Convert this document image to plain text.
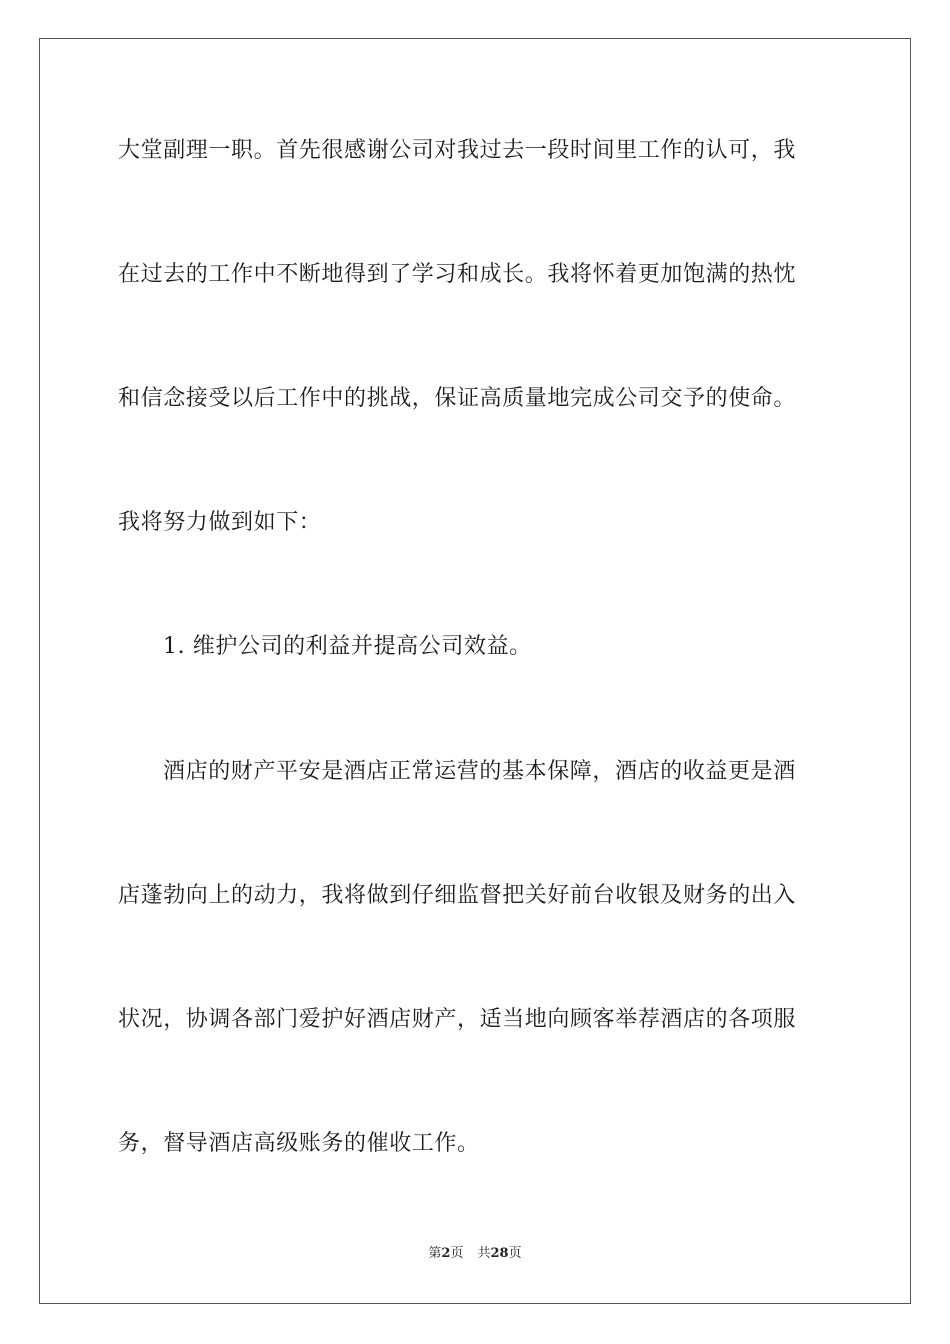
大堂副理一职。首先很感谢公司对我过去一段时间里工作的认可，我
在过去的工作中不断地得到了学习和成长。我将怀着更加饱满的热忱
和信念接受以后工作中的挑战，保证高质量地完成公司交予的使命。
我将努力做到如下：
1. 维护公司的利益并提高公司效益。
酒店的财产平安是酒店正常运营的基本保障，酒店的收益更是酒
店蓬勃向上的动力，我将做到仔细监督把关好前台收银及财务的出入
状况，协调各部门爱护好酒店财产，适当地向顾客举荐酒店的各项服
务，督导酒店高级账务的催收工作。
第2页 共28页
